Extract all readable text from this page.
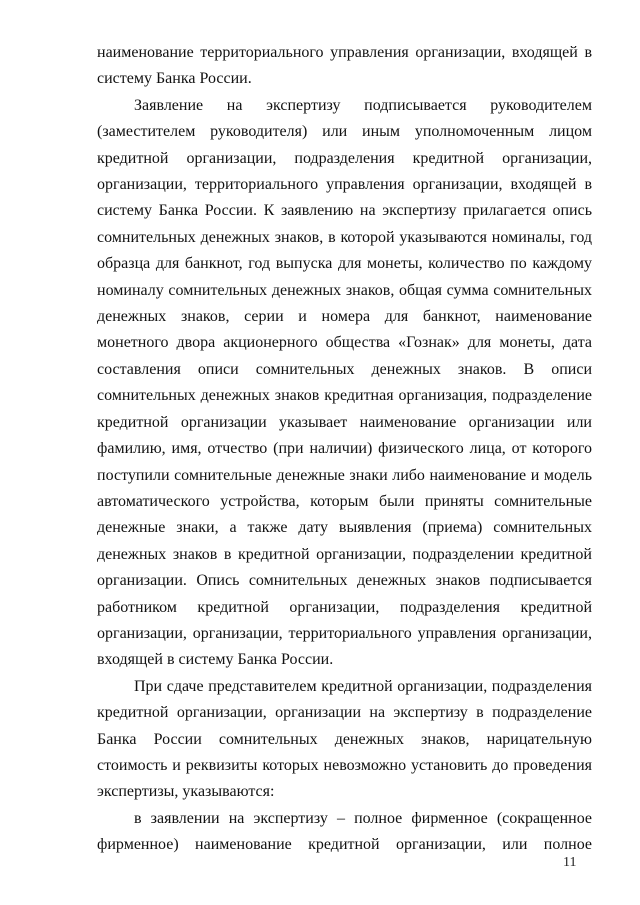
наименование территориального управления организации, входящей в систему Банка России.

Заявление на экспертизу подписывается руководителем (заместителем руководителя) или иным уполномоченным лицом кредитной организации, подразделения кредитной организации, организации, территориального управления организации, входящей в систему Банка России. К заявлению на экспертизу прилагается опись сомнительных денежных знаков, в которой указываются номиналы, год образца для банкнот, год выпуска для монеты, количество по каждому номиналу сомнительных денежных знаков, общая сумма сомнительных денежных знаков, серии и номера для банкнот, наименование монетного двора акционерного общества «Гознак» для монеты, дата составления описи сомнительных денежных знаков. В описи сомнительных денежных знаков кредитная организация, подразделение кредитной организации указывает наименование организации или фамилию, имя, отчество (при наличии) физического лица, от которого поступили сомнительные денежные знаки либо наименование и модель автоматического устройства, которым были приняты сомнительные денежные знаки, а также дату выявления (приема) сомнительных денежных знаков в кредитной организации, подразделении кредитной организации. Опись сомнительных денежных знаков подписывается работником кредитной организации, подразделения кредитной организации, организации, территориального управления организации, входящей в систему Банка России.

При сдаче представителем кредитной организации, подразделения кредитной организации, организации на экспертизу в подразделение Банка России сомнительных денежных знаков, нарицательную стоимость и реквизиты которых невозможно установить до проведения экспертизы, указываются:

в заявлении на экспертизу – полное фирменное (сокращенное фирменное) наименование кредитной организации, или полное

11
